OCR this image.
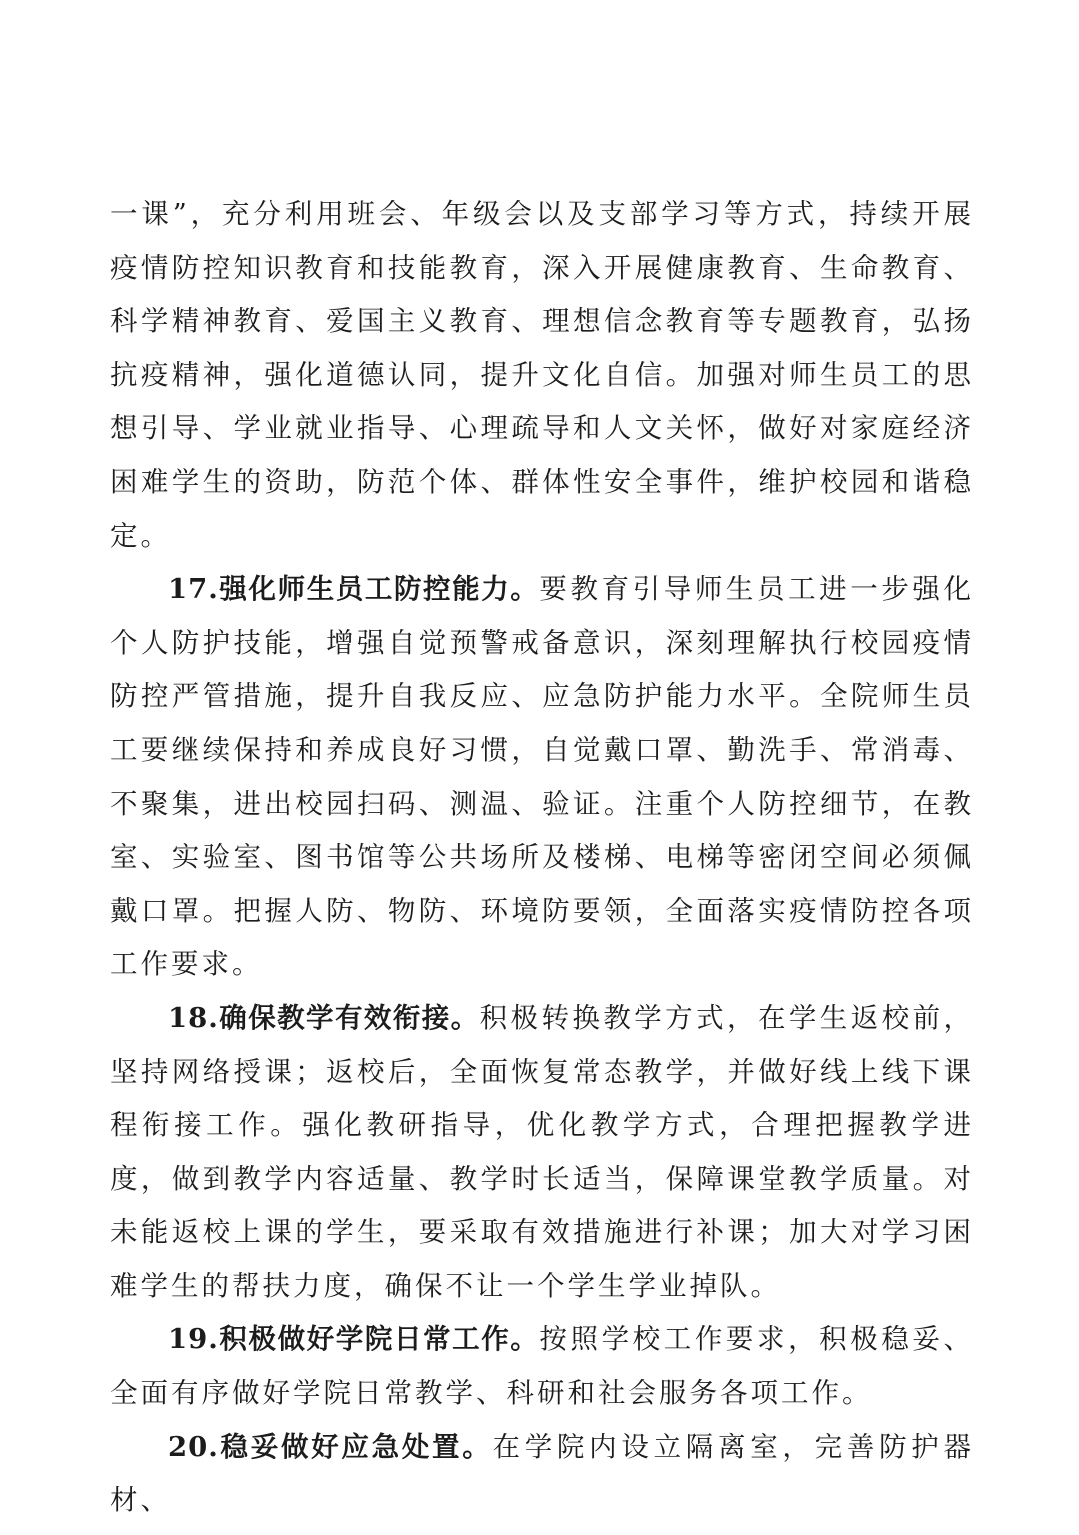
一课”，充分利用班会、年级会以及支部学习等方式，持续开展疫情防控知识教育和技能教育，深入开展健康教育、生命教育、科学精神教育、爱国主义教育、理想信念教育等专题教育，弘扬抗疫精神，强化道德认同，提升文化自信。加强对师生员工的思想引导、学业就业指导、心理疏导和人文关怀，做好对家庭经济困难学生的资助，防范个体、群体性安全事件，维护校园和谐稳定。

17.强化师生员工防控能力。要教育引导师生员工进一步强化个人防护技能，增强自觉预警戒备意识，深刻理解执行校园疫情防控严管措施，提升自我反应、应急防护能力水平。全院师生员工要继续保持和养成良好习惯，自觉戴口罩、勤洗手、常消毒、不聚集，进出校园扫码、测温、验证。注重个人防控细节，在教室、实验室、图书馆等公共场所及楼梯、电梯等密闭空间必须佩戴口罩。把握人防、物防、环境防要领，全面落实疫情防控各项工作要求。

18.确保教学有效衔接。积极转换教学方式，在学生返校前，坚持网络授课；返校后，全面恢复常态教学，并做好线上线下课程衔接工作。强化教研指导，优化教学方式，合理把握教学进度，做到教学内容适量、教学时长适当，保障课堂教学质量。对未能返校上课的学生，要采取有效措施进行补课；加大对学习困难学生的帮扶力度，确保不让一个学生学业掉队。

19.积极做好学院日常工作。按照学校工作要求，积极稳妥、全面有序做好学院日常教学、科研和社会服务各项工作。

20.稳妥做好应急处置。在学院内设立隔离室，完善防护器材、
